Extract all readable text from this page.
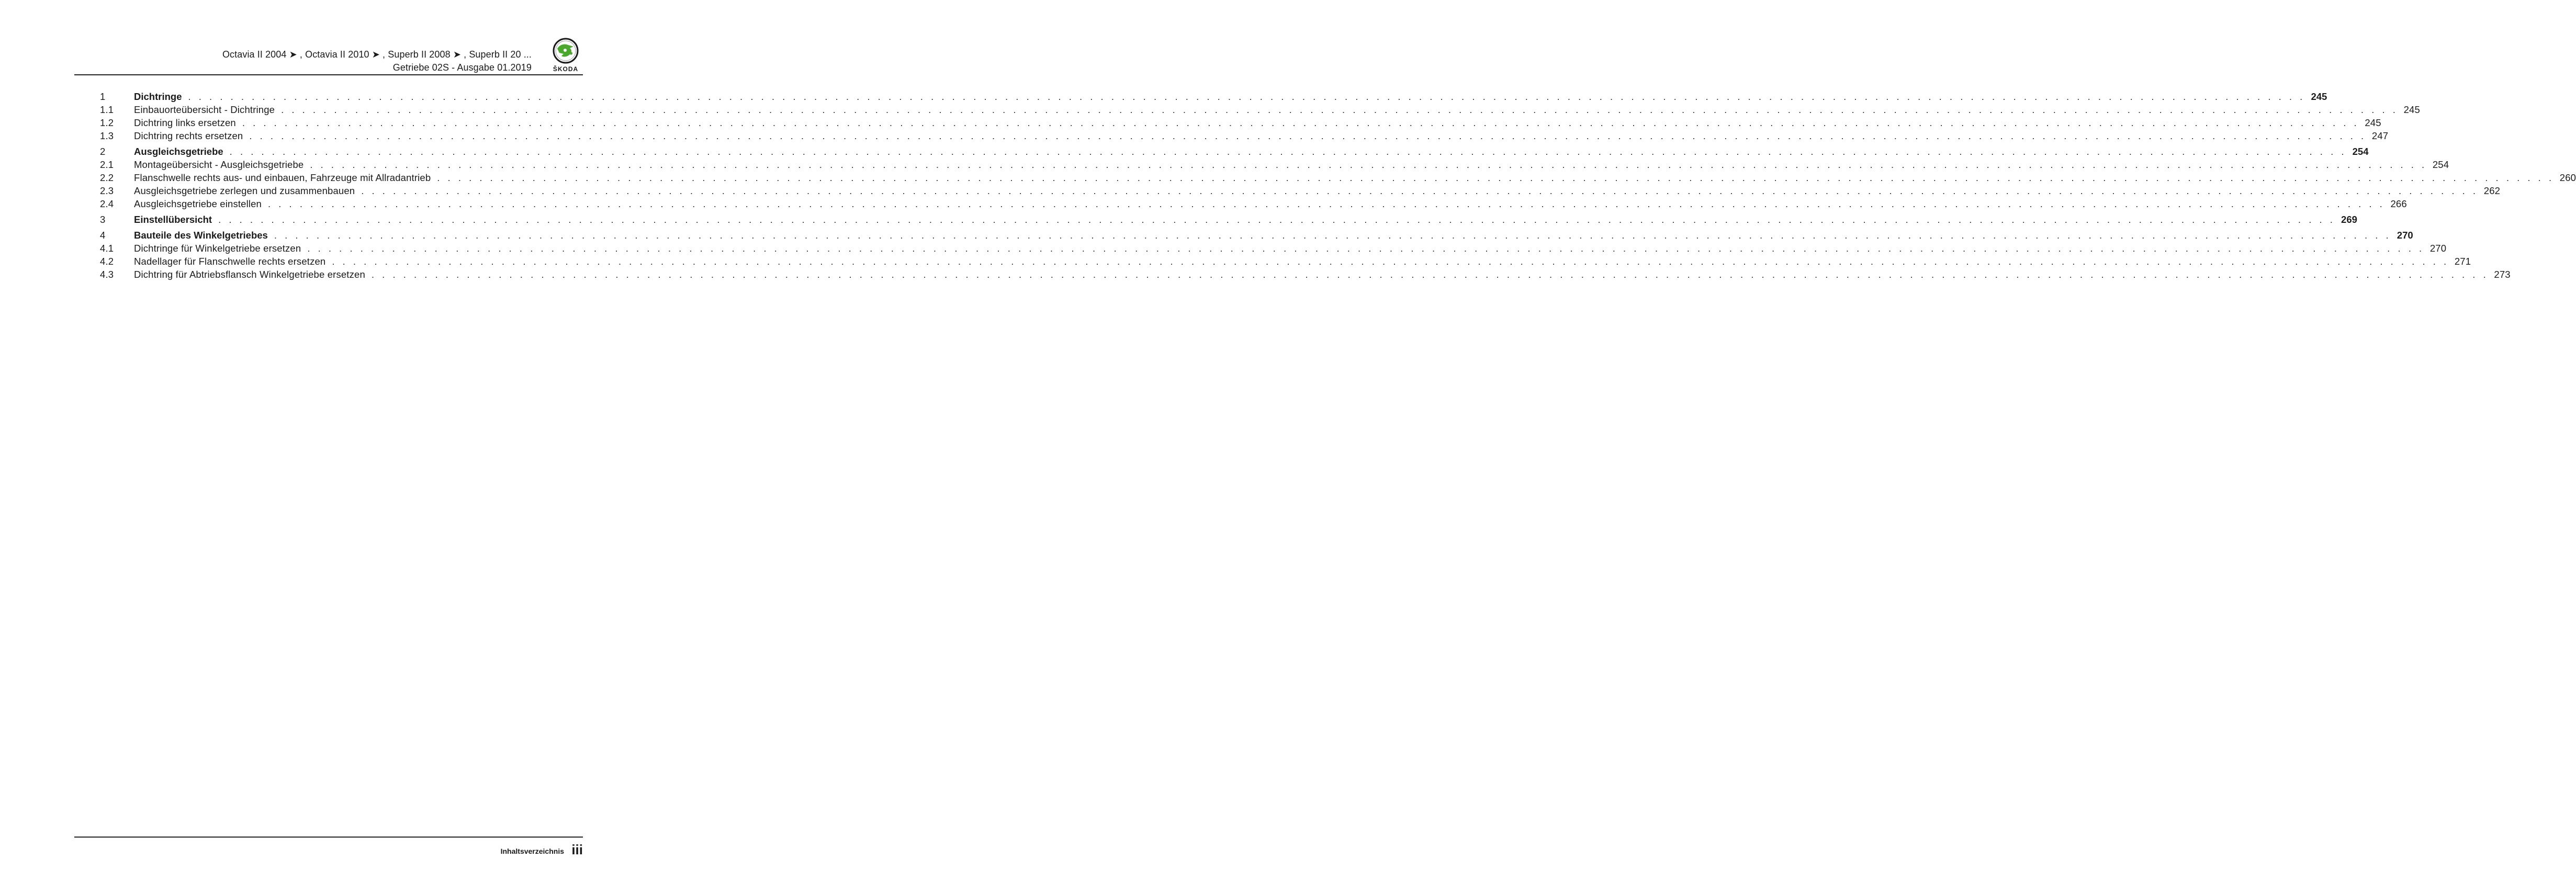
Octavia II 2004 ➤ , Octavia II 2010 ➤ , Superb II 2008 ➤ , Superb II 20 ...
Getriebe 02S - Ausgabe 01.2019	ŠKODA
1	Dichtringe . . . . . . . . . . . . . . . . . . . . . . . . . . . . . . . . . . . . . . . . . . . . . . . . . . . . . . . . . . . . . . . . . . . . . . . . . . . . . . . . . . . . . . . . . . . . . . . . . . . . . . . . . . . . . . . . . . . . . . . . . . . . . . . . . . . . . . . . . . . . . . . . . . . . . . . . . . . . . . . . . . . . . . . . . . . . . . . . . . . . . . . . . . . . . . . . . . . . . . . . 245
1.1	Einbauorteübersicht - Dichtringe . . . . . . . . . . . . . . . . . . . . . . . . . . . . . . . . . . . . . . . . . . . . . . . . . . . . . . . . . . . . . . . . . . . . . . . . . . . . . . . . . . . . . . . . . . . . . . . . . . . . . . . . . . . . . . . . . . . . . . . . . . . . . . . . . . . . . . . . . . . . . . . . . . . . . . . . . . . . . . . . . . . . . . . . . . . . . . . . . . . . . . . . . . . . . . . . . . . . . . . . 245
1.2	Dichtring links ersetzen . . . . . . . . . . . . . . . . . . . . . . . . . . . . . . . . . . . . . . . . . . . . . . . . . . . . . . . . . . . . . . . . . . . . . . . . . . . . . . . . . . . . . . . . . . . . . . . . . . . . . . . . . . . . . . . . . . . . . . . . . . . . . . . . . . . . . . . . . . . . . . . . . . . . . . . . . . . . . . . . . . . . . . . . . . . . . . . . . . . . . . . . . . . . . . . . . . . . . . . . 245
1.3	Dichtring rechts ersetzen . . . . . . . . . . . . . . . . . . . . . . . . . . . . . . . . . . . . . . . . . . . . . . . . . . . . . . . . . . . . . . . . . . . . . . . . . . . . . . . . . . . . . . . . . . . . . . . . . . . . . . . . . . . . . . . . . . . . . . . . . . . . . . . . . . . . . . . . . . . . . . . . . . . . . . . . . . . . . . . . . . . . . . . . . . . . . . . . . . . . . . . . . . . . . . . . . . . . . . . . 247
2	Ausgleichsgetriebe . . . . . . . . . . . . . . . . . . . . . . . . . . . . . . . . . . . . . . . . . . . . . . . . . . . . . . . . . . . . . . . . . . . . . . . . . . . . . . . . . . . . . . . . . . . . . . . . . . . . . . . . . . . . . . . . . . . . . . . . . . . . . . . . . . . . . . . . . . . . . . . . . . . . . . . . . . . . . . . . . . . . . . . . . . . . . . . . . . . . . . . . . . . . . . . . . . . . . . . . 254
2.1	Montageübersicht - Ausgleichsgetriebe . . . . . . . . . . . . . . . . . . . . . . . . . . . . . . . . . . . . . . . . . . . . . . . . . . . . . . . . . . . . . . . . . . . . . . . . . . . . . . . . . . . . . . . . . . . . . . . . . . . . . . . . . . . . . . . . . . . . . . . . . . . . . . . . . . . . . . . . . . . . . . . . . . . . . . . . . . . . . . . . . . . . . . . . . . . . . . . . . . . . . . . . . . . . . . . . . . . . . . . . 254
2.2	Flanschwelle rechts aus- und einbauen, Fahrzeuge mit Allradantrieb . . . . . . . . . . . . . . . . . . . . . . . . . . . . . . . . . . . . . . . . . . . . . . . . . . . . . . . . . . . . . . . . . . . . . . . . . . . . . . . . . . . . . . . . . . . . . . . . . . . . . . . . . . . . . . . . . . . . . . . . . . . . . . . . . . . . . . . . . . . . . . . . . . . . . . . . . . . . . . . . . . . . . . . . . . . . . . . . . . . . . . . . . . . . . . . . . . . . . . . . 260
2.3	Ausgleichsgetriebe zerlegen und zusammenbauen . . . . . . . . . . . . . . . . . . . . . . . . . . . . . . . . . . . . . . . . . . . . . . . . . . . . . . . . . . . . . . . . . . . . . . . . . . . . . . . . . . . . . . . . . . . . . . . . . . . . . . . . . . . . . . . . . . . . . . . . . . . . . . . . . . . . . . . . . . . . . . . . . . . . . . . . . . . . . . . . . . . . . . . . . . . . . . . . . . . . . . . . . . . . . . . . . . . . . . . . 262
2.4	Ausgleichsgetriebe einstellen . . . . . . . . . . . . . . . . . . . . . . . . . . . . . . . . . . . . . . . . . . . . . . . . . . . . . . . . . . . . . . . . . . . . . . . . . . . . . . . . . . . . . . . . . . . . . . . . . . . . . . . . . . . . . . . . . . . . . . . . . . . . . . . . . . . . . . . . . . . . . . . . . . . . . . . . . . . . . . . . . . . . . . . . . . . . . . . . . . . . . . . . . . . . . . . . . . . . . . . . 266
3	Einstellübersicht . . . . . . . . . . . . . . . . . . . . . . . . . . . . . . . . . . . . . . . . . . . . . . . . . . . . . . . . . . . . . . . . . . . . . . . . . . . . . . . . . . . . . . . . . . . . . . . . . . . . . . . . . . . . . . . . . . . . . . . . . . . . . . . . . . . . . . . . . . . . . . . . . . . . . . . . . . . . . . . . . . . . . . . . . . . . . . . . . . . . . . . . . . . . . . . . . . . . . . . . 269
4	Bauteile des Winkelgetriebes . . . . . . . . . . . . . . . . . . . . . . . . . . . . . . . . . . . . . . . . . . . . . . . . . . . . . . . . . . . . . . . . . . . . . . . . . . . . . . . . . . . . . . . . . . . . . . . . . . . . . . . . . . . . . . . . . . . . . . . . . . . . . . . . . . . . . . . . . . . . . . . . . . . . . . . . . . . . . . . . . . . . . . . . . . . . . . . . . . . . . . . . . . . . . . . . . . . . . . . . 270
4.1	Dichtringe für Winkelgetriebe ersetzen . . . . . . . . . . . . . . . . . . . . . . . . . . . . . . . . . . . . . . . . . . . . . . . . . . . . . . . . . . . . . . . . . . . . . . . . . . . . . . . . . . . . . . . . . . . . . . . . . . . . . . . . . . . . . . . . . . . . . . . . . . . . . . . . . . . . . . . . . . . . . . . . . . . . . . . . . . . . . . . . . . . . . . . . . . . . . . . . . . . . . . . . . . . . . . . . . . . . . . . . 270
4.2	Nadellager für Flanschwelle rechts ersetzen . . . . . . . . . . . . . . . . . . . . . . . . . . . . . . . . . . . . . . . . . . . . . . . . . . . . . . . . . . . . . . . . . . . . . . . . . . . . . . . . . . . . . . . . . . . . . . . . . . . . . . . . . . . . . . . . . . . . . . . . . . . . . . . . . . . . . . . . . . . . . . . . . . . . . . . . . . . . . . . . . . . . . . . . . . . . . . . . . . . . . . . . . . . . . . . . . . . . . . . . 271
4.3	Dichtring für Abtriebsflansch Winkelgetriebe ersetzen . . . . . . . . . . . . . . . . . . . . . . . . . . . . . . . . . . . . . . . . . . . . . . . . . . . . . . . . . . . . . . . . . . . . . . . . . . . . . . . . . . . . . . . . . . . . . . . . . . . . . . . . . . . . . . . . . . . . . . . . . . . . . . . . . . . . . . . . . . . . . . . . . . . . . . . . . . . . . . . . . . . . . . . . . . . . . . . . . . . . . . . . . . . . . . . . . . . . . . . . 273
Inhaltsverzeichnis iii
